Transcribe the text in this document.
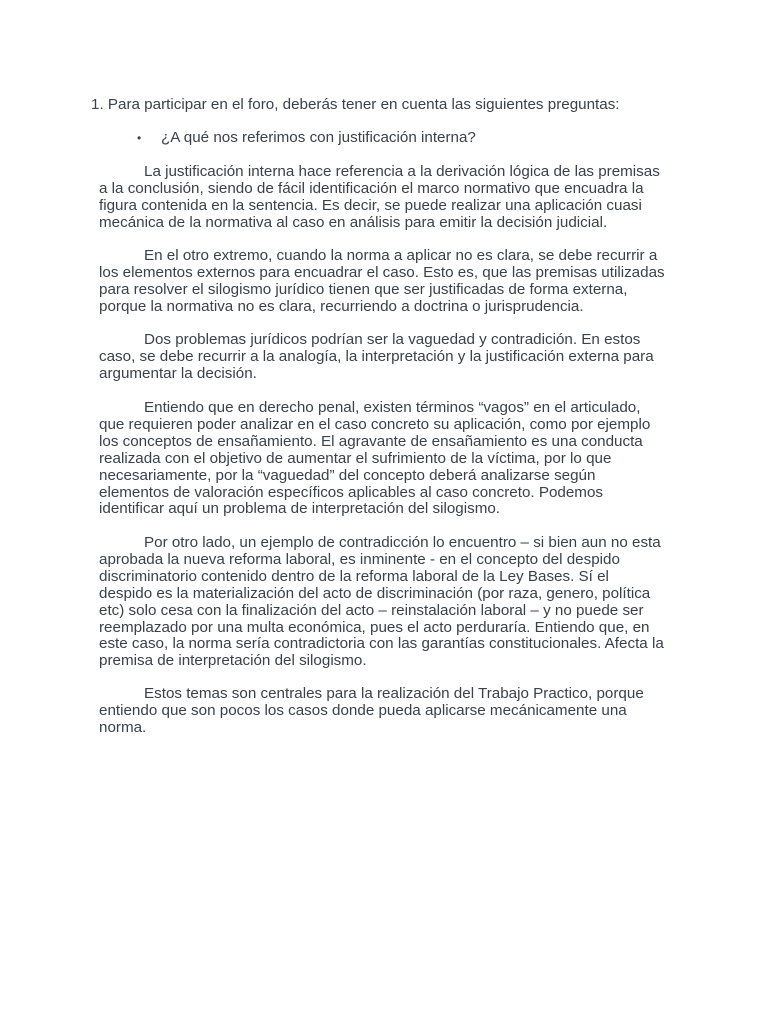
1. Para participar en el foro, deberás tener en cuenta las siguientes preguntas:

• ¿A qué nos referimos con justificación interna?

La justificación interna hace referencia a la derivación lógica de las premisas
a la conclusión, siendo de fácil identificación el marco normativo que encuadra la
figura contenida en la sentencia. Es decir, se puede realizar una aplicación cuasi
mecánica de la normativa al caso en análisis para emitir la decisión judicial.
En el otro extremo, cuando la norma a aplicar no es clara, se debe recurrir a
los elementos externos para encuadrar el caso. Esto es, que las premisas utilizadas
para resolver el silogismo jurídico tienen que ser justificadas de forma externa,
porque la normativa no es clara, recurriendo a doctrina o jurisprudencia.
Dos problemas jurídicos podrían ser la vaguedad y contradición. En estos
caso, se debe recurrir a la analogía, la interpretación y la justificación externa para
argumentar la decisión.
Entiendo que en derecho penal, existen términos “vagos” en el articulado,
que requieren poder analizar en el caso concreto su aplicación, como por ejemplo
los conceptos de ensañamiento. El agravante de ensañamiento es una conducta
realizada con el objetivo de aumentar el sufrimiento de la víctima, por lo que
necesariamente, por la “vaguedad” del concepto deberá analizarse según
elementos de valoración específicos aplicables al caso concreto. Podemos
identificar aquí un problema de interpretación del silogismo.
Por otro lado, un ejemplo de contradicción lo encuentro – si bien aun no esta
aprobada la nueva reforma laboral, es inminente - en el concepto del despido
discriminatorio contenido dentro de la reforma laboral de la Ley Bases. Sí el
despido es la materialización del acto de discriminación (por raza, genero, política
etc) solo cesa con la finalización del acto – reinstalación laboral – y no puede ser
reemplazado por una multa económica, pues el acto perduraría. Entiendo que, en
este caso, la norma sería contradictoria con las garantías constitucionales. Afecta la
premisa de interpretación del silogismo.
Estos temas son centrales para la realización del Trabajo Practico, porque
entiendo que son pocos los casos donde pueda aplicarse mecánicamente una
norma.
